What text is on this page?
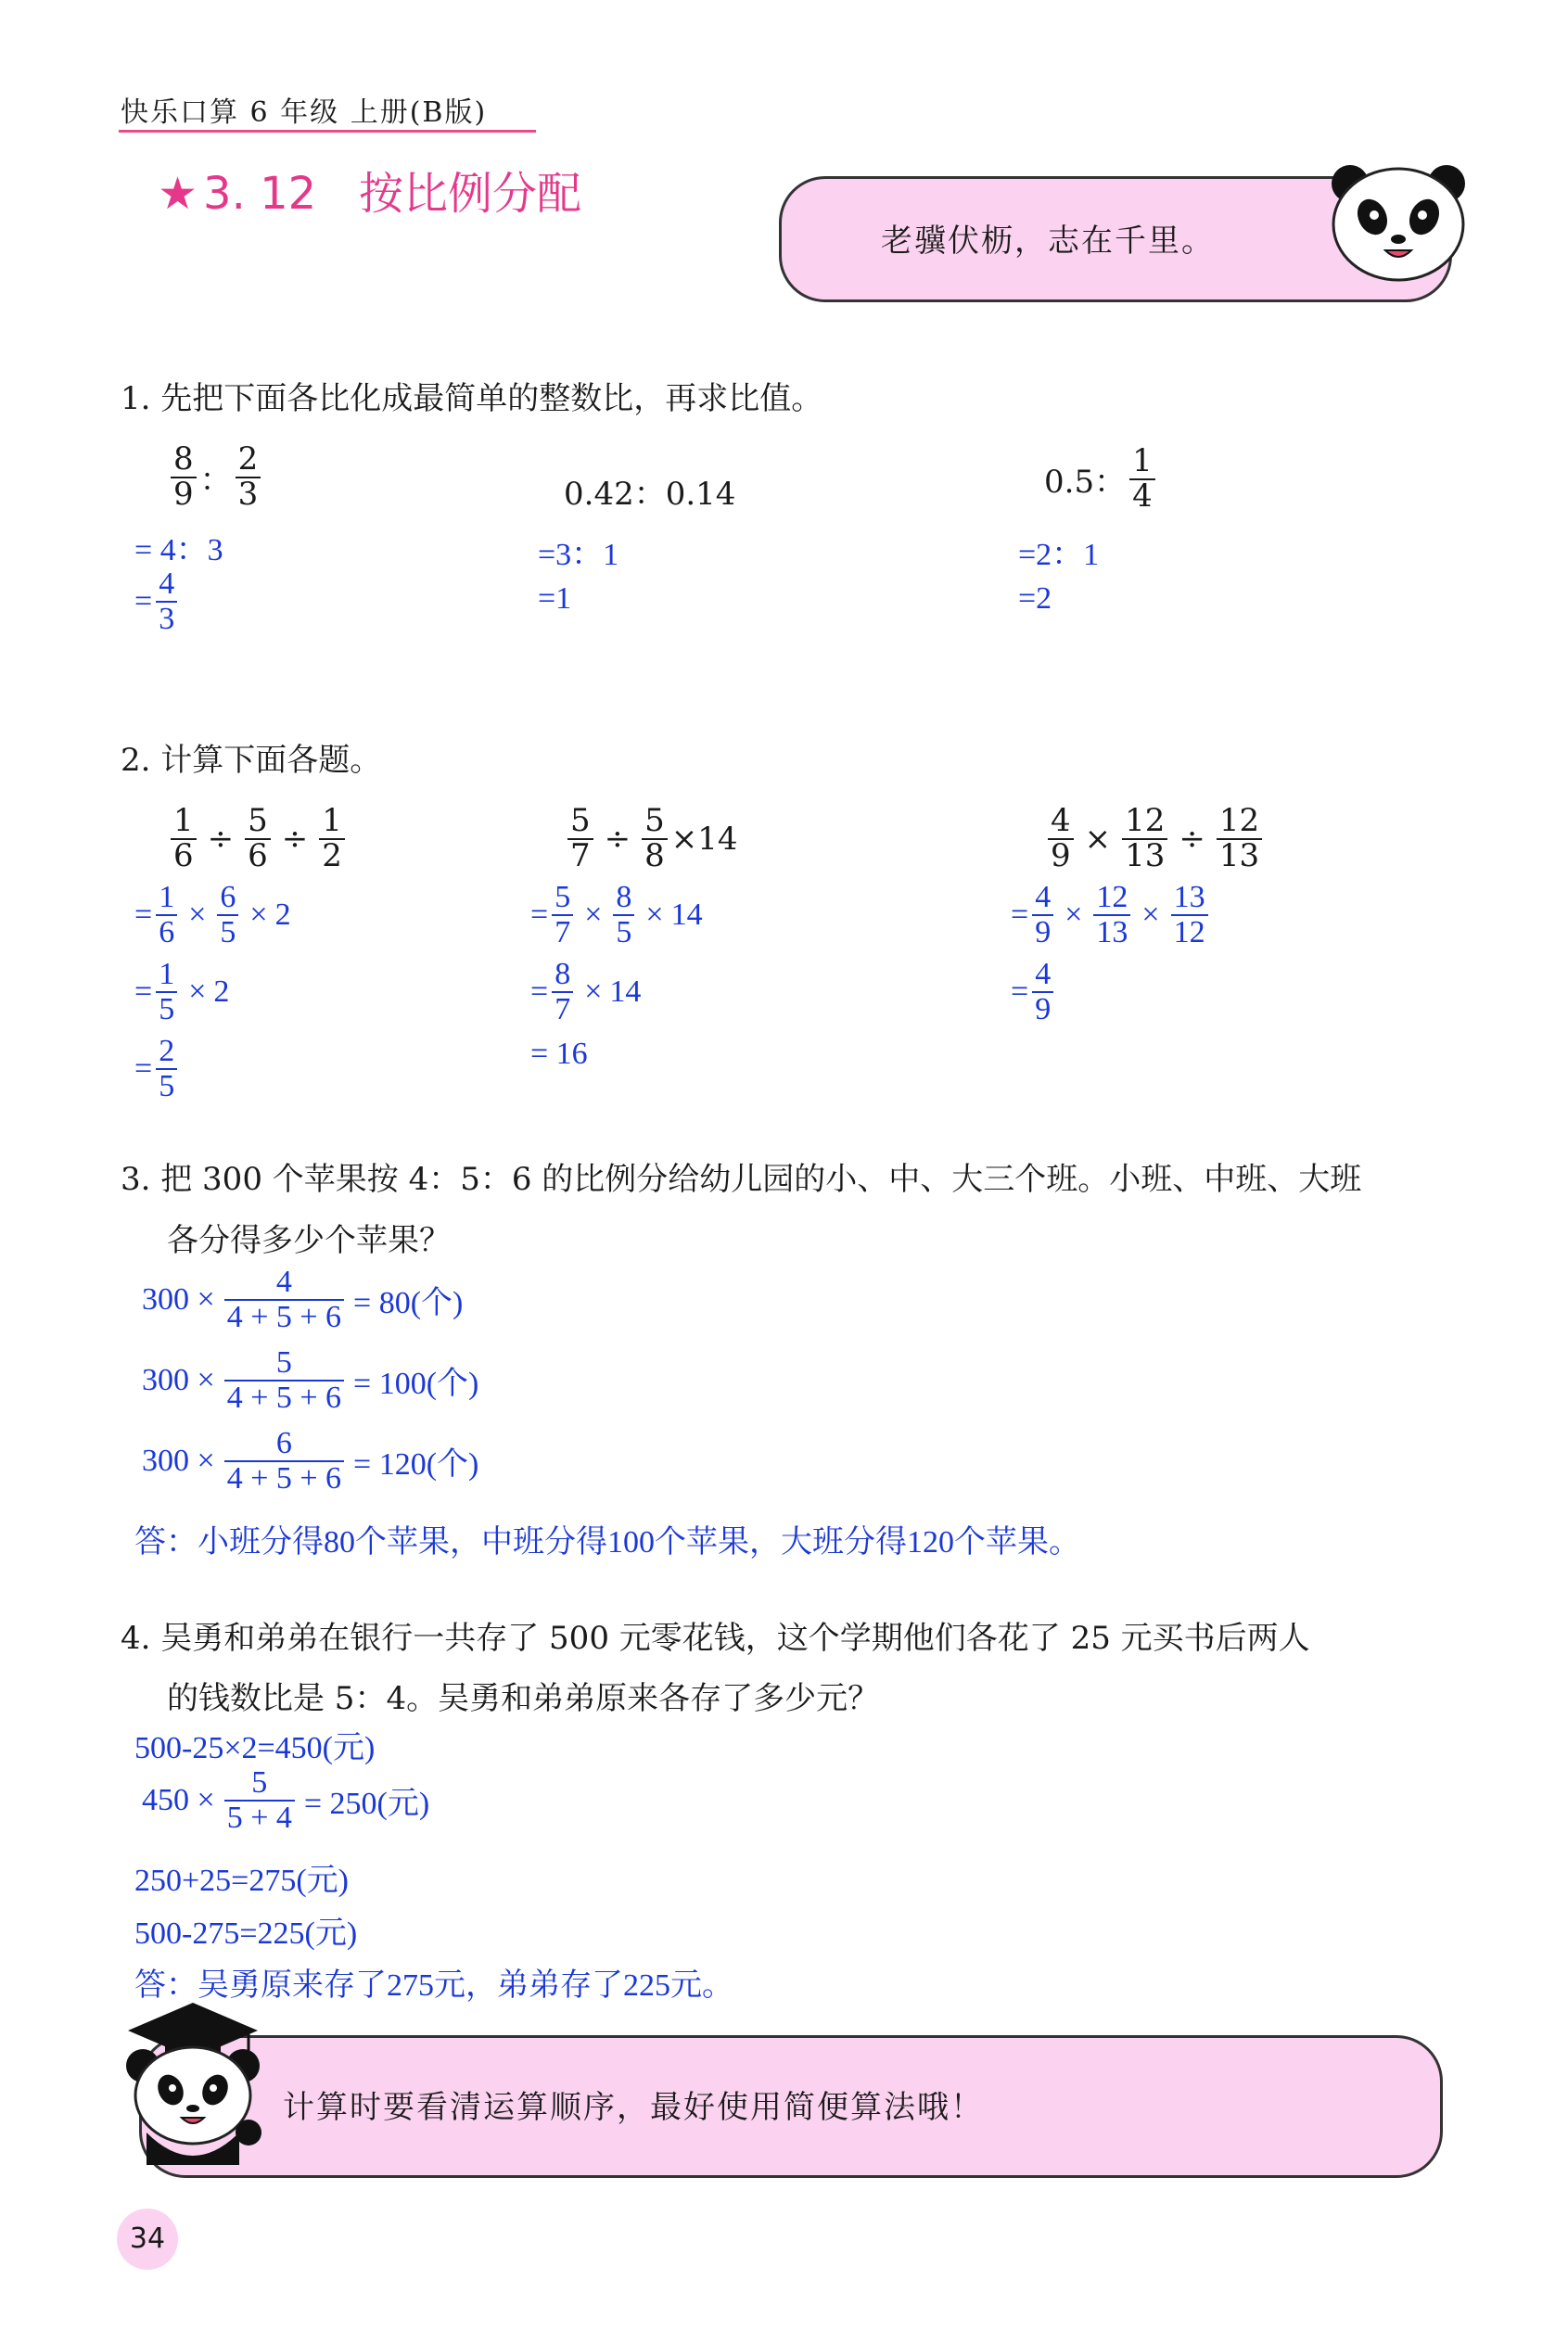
快乐口算 6 年级 上册(B版)
★ 3. 12 按比例分配
老骥伏枥，志在千里。
1. 先把下面各比化成最简单的整数比，再求比值。
$\frac{8}{9}$ ： $\frac{2}{3}$
= 4：3
= $\frac{4}{3}$
0.42：0.14
=3：1
=1
0.5： $\frac{1}{4}$
=2：1
=2
2. 计算下面各题。
$\frac{1}{6} \div \frac{5}{6} \div \frac{1}{2}$
= $\frac{1}{6} \times \frac{6}{5} \times 2$
= $\frac{1}{5} \times 2$
= $\frac{2}{5}$
$\frac{5}{7} \div \frac{5}{8} \times 14$
= $\frac{5}{7} \times \frac{8}{5} \times 14$
= $\frac{8}{7} \times 14$
= 16
$\frac{4}{9} \times \frac{12}{13} \div \frac{12}{13}$
= $\frac{4}{9} \times \frac{12}{13} \times \frac{13}{12}$
= $\frac{4}{9}$
3. 把 300 个苹果按 4：5：6 的比例分给幼儿园的小、中、大三个班。小班、中班、大班
各分得多少个苹果？
$300 \times \frac{4}{4 + 5 + 6} = 80$(个)
$300 \times \frac{5}{4 + 5 + 6} = 100$(个)
$300 \times \frac{6}{4 + 5 + 6} = 120$(个)
答：小班分得80个苹果，中班分得100个苹果，大班分得120个苹果。
4. 吴勇和弟弟在银行一共存了 500 元零花钱，这个学期他们各花了 25 元买书后两人
的钱数比是 5：4。吴勇和弟弟原来各存了多少元？
500-25×2=450(元)
$450 \times \frac{5}{5 + 4} = 250$(元)
250+25=275(元)
500-275=225(元)
答：吴勇原来存了275元，弟弟存了225元。
计算时要看清运算顺序，最好使用简便算法哦！
34
